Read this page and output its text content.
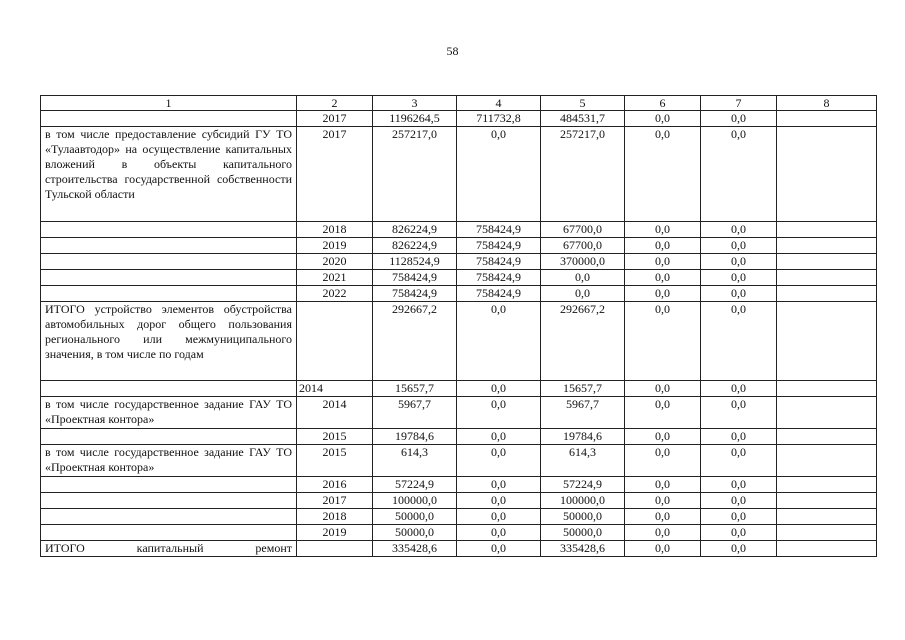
58
1	2	3	4	5	6	7	8
	2017	1196264,5	711732,8	484531,7	0,0	0,0	
в том числе предоставление субсидий ГУ ТО «Тулаавтодор» на осуществление капитальных вложений в объекты капитального строительства государственной собственности Тульской области	2017	257217,0	0,0	257217,0	0,0	0,0	
	2018	826224,9	758424,9	67700,0	0,0	0,0	
	2019	826224,9	758424,9	67700,0	0,0	0,0	
	2020	1128524,9	758424,9	370000,0	0,0	0,0	
	2021	758424,9	758424,9	0,0	0,0	0,0	
	2022	758424,9	758424,9	0,0	0,0	0,0	
ИТОГО устройство элементов обустройства автомобильных дорог общего пользования регионального или межмуниципального значения, в том числе по годам		292667,2	0,0	292667,2	0,0	0,0	
	2014	15657,7	0,0	15657,7	0,0	0,0	
в том числе государственное задание ГАУ ТО «Проектная контора»	2014	5967,7	0,0	5967,7	0,0	0,0	
	2015	19784,6	0,0	19784,6	0,0	0,0	
в том числе государственное задание ГАУ ТО «Проектная контора»	2015	614,3	0,0	614,3	0,0	0,0	
	2016	57224,9	0,0	57224,9	0,0	0,0	
	2017	100000,0	0,0	100000,0	0,0	0,0	
	2018	50000,0	0,0	50000,0	0,0	0,0	
	2019	50000,0	0,0	50000,0	0,0	0,0	
ИТОГО капитальный ремонт		335428,6	0,0	335428,6	0,0	0,0	
